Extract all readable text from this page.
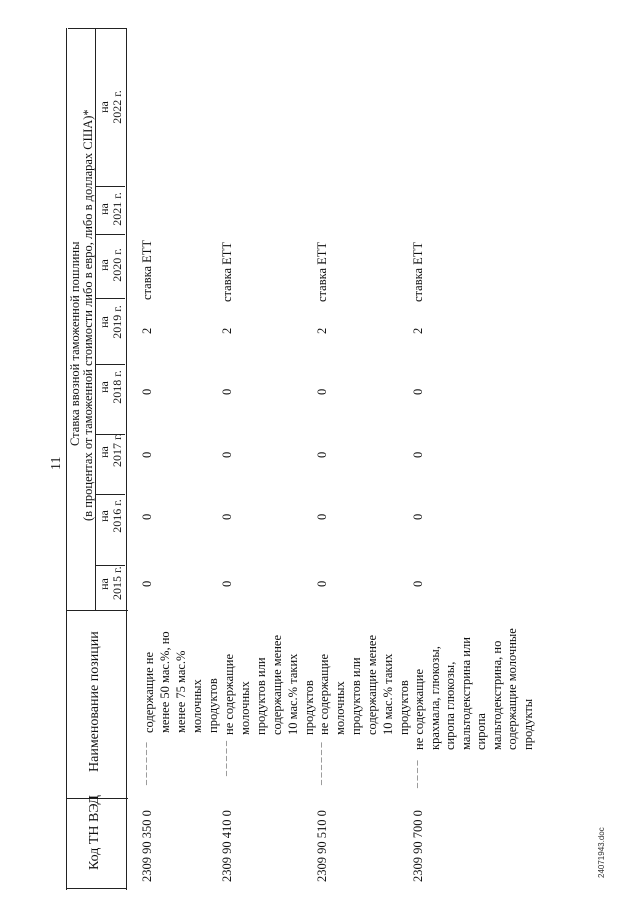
11
Код ТН ВЭД
Наименование позиции
Ставка ввозной таможенной пошлины (в процентах от таможенной стоимости либо в евро, либо в долларах США)*
на 2015 г.
на 2016 г.
на 2017 г.
на 2018 г.
на 2019 г.
на 2020 г.
на 2021 г.
на 2022 г.
2309 90 350 0
– – – – – –
содержащие не менее 50 мас.%, но менее 75 мас.% молочных продуктов
0
0
0
0
2
ставка ЕТТ
2309 90 410 0
– – – – –
не содержащие молочных продуктов или содержащие менее 10 мас.% таких продуктов
0
0
0
0
2
ставка ЕТТ
2309 90 510 0
– – – – – –
не содержащие молочных продуктов или содержащие менее 10 мас.% таких продуктов
0
0
0
0
2
ставка ЕТТ
2309 90 700 0
– – – –
не содержащие крахмала, глюкозы, сиропа глюкозы, мальтодекстрина или сиропа мальтодекстрина, но содержащие молочные продукты
0
0
0
0
2
ставка ЕТТ
24071943.doc
